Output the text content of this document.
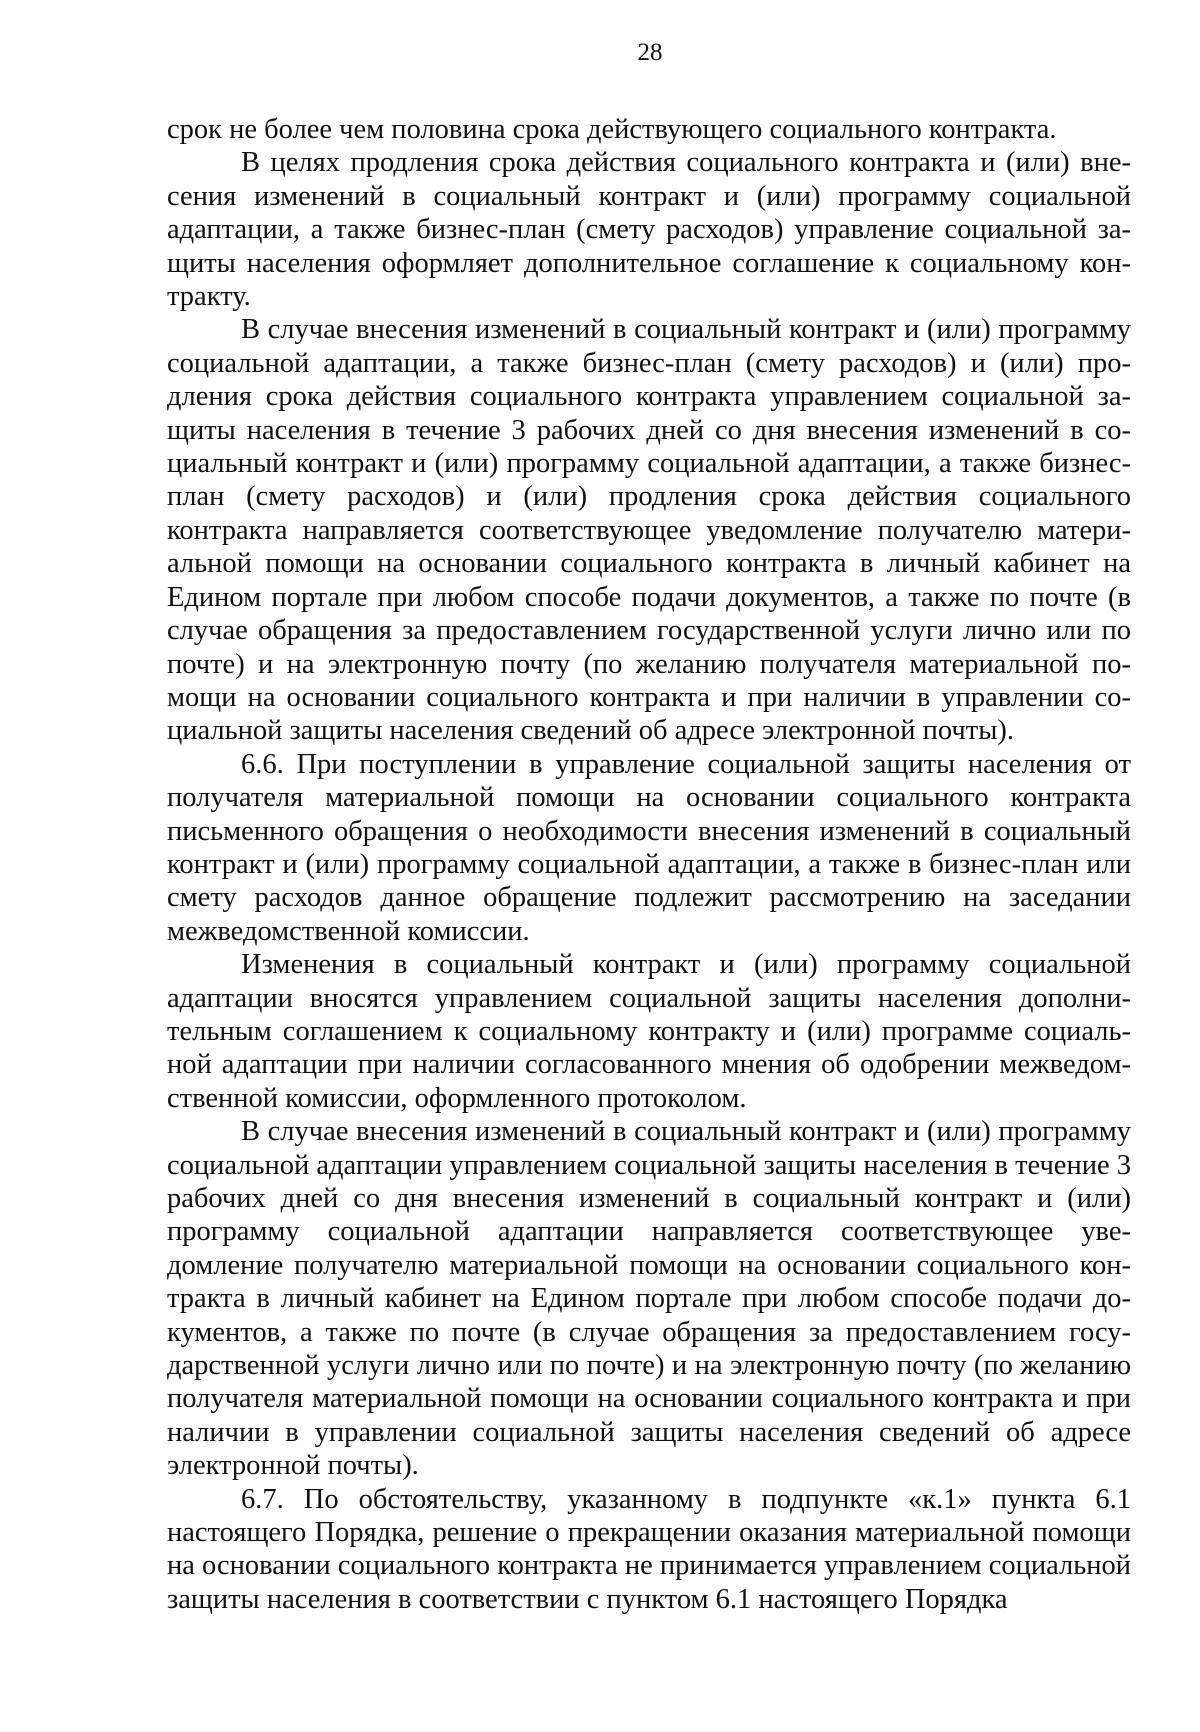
28

срок не более чем половина срока действующего социального контракта.

В целях продления срока действия социального контракта и (или) внесения изменений в социальный контракт и (или) программу социальной адаптации, а также бизнес-план (смету расходов) управление социальной защиты населения оформляет дополнительное соглашение к социальному контракту.

В случае внесения изменений в социальный контракт и (или) программу социальной адаптации, а также бизнес-план (смету расходов) и (или) продления срока действия социального контракта управлением социальной защиты населения в течение 3 рабочих дней со дня внесения изменений в социальный контракт и (или) программу социальной адаптации, а также бизнес-план (смету расходов) и (или) продления срока действия социального контракта направляется соответствующее уведомление получателю материальной помощи на основании социального контракта в личный кабинет на Едином портале при любом способе подачи документов, а также по почте (в случае обращения за предоставлением государственной услуги лично или по почте) и на электронную почту (по желанию получателя материальной помощи на основании социального контракта и при наличии в управлении социальной защиты населения сведений об адресе электронной почты).

6.6. При поступлении в управление социальной защиты населения от получателя материальной помощи на основании социального контракта письменного обращения о необходимости внесения изменений в социальный контракт и (или) программу социальной адаптации, а также в бизнес-план или смету расходов данное обращение подлежит рассмотрению на заседании межведомственной комиссии.

Изменения в социальный контракт и (или) программу социальной адаптации вносятся управлением социальной защиты населения дополнительным соглашением к социальному контракту и (или) программе социальной адаптации при наличии согласованного мнения об одобрении межведомственной комиссии, оформленного протоколом.

В случае внесения изменений в социальный контракт и (или) программу социальной адаптации управлением социальной защиты населения в течение 3 рабочих дней со дня внесения изменений в социальный контракт и (или) программу социальной адаптации направляется соответствующее уведомление получателю материальной помощи на основании социального контракта в личный кабинет на Едином портале при любом способе подачи документов, а также по почте (в случае обращения за предоставлением государственной услуги лично или по почте) и на электронную почту (по желанию получателя материальной помощи на основании социального контракта и при наличии в управлении социальной защиты населения сведений об адресе электронной почты).

6.7. По обстоятельству, указанному в подпункте «к.1» пункта 6.1 настоящего Порядка, решение о прекращении оказания материальной помощи на основании социального контракта не принимается управлением социальной защиты населения в соответствии с пунктом 6.1 настоящего Порядка
